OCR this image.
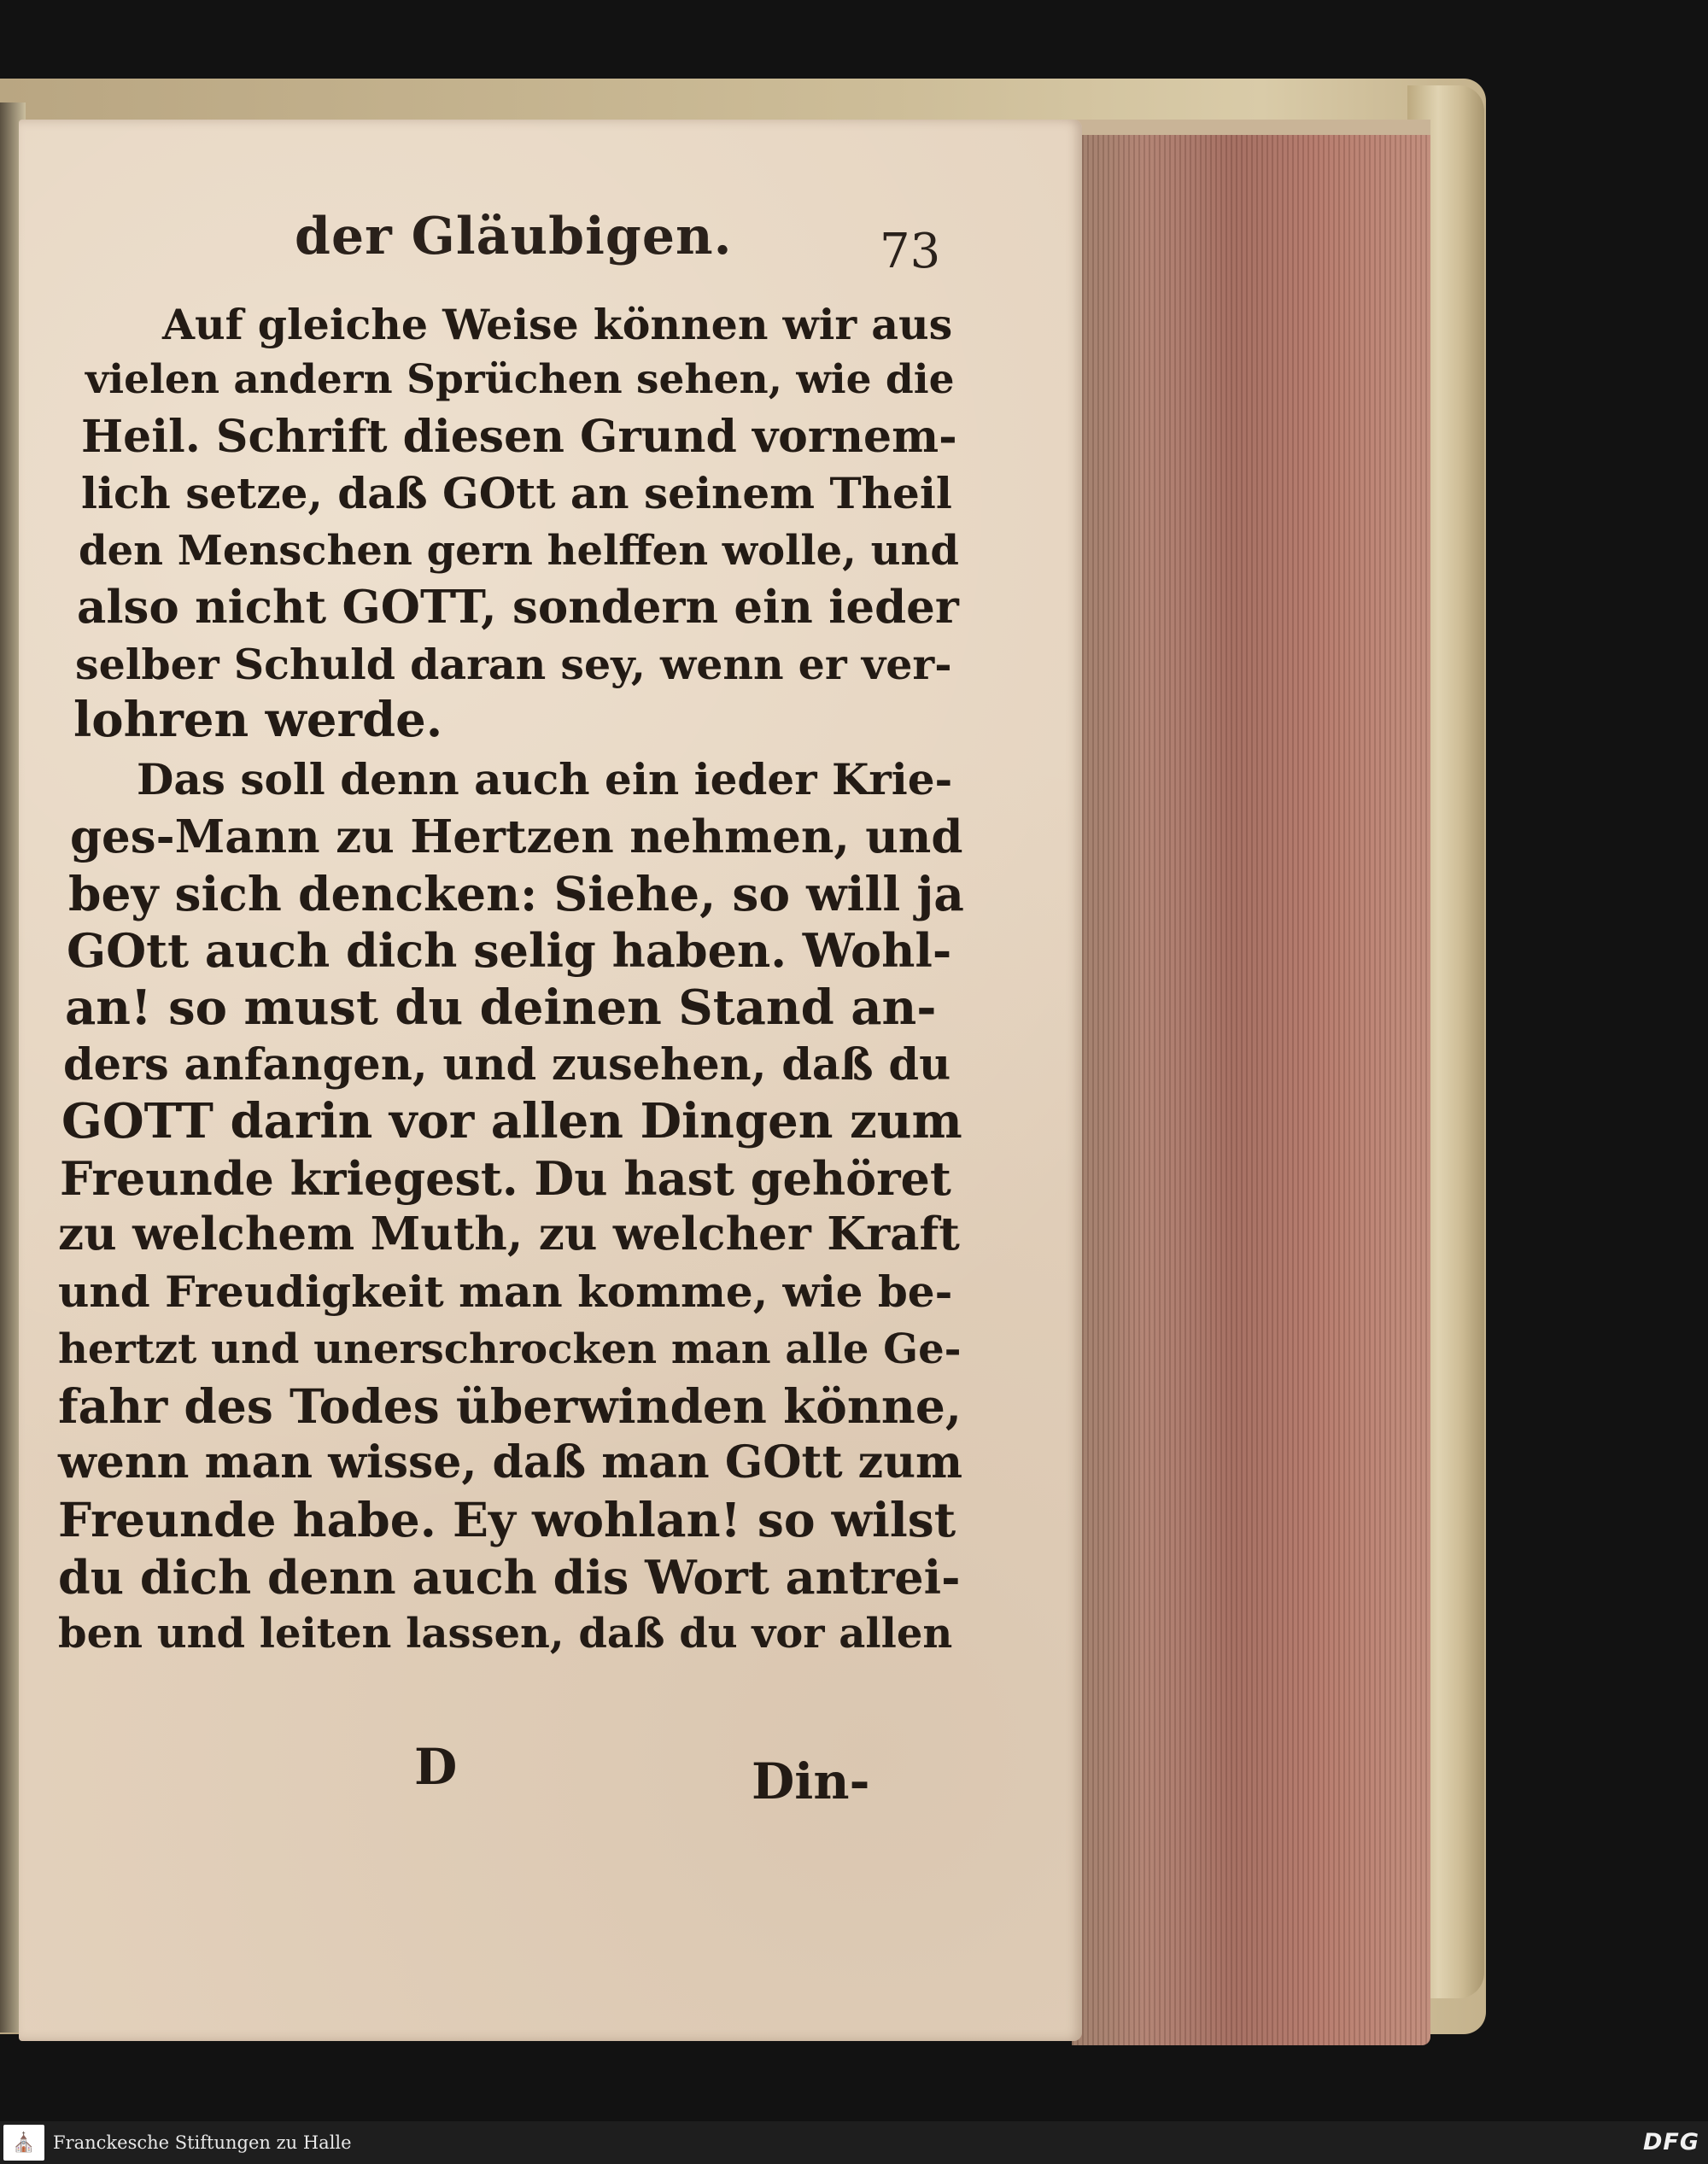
der Gläubigen.	73
Auf gleiche Weise können wir aus
vielen andern Sprüchen sehen, wie die
Heil. Schrift diesen Grund vornem-
lich setze, daß GOtt an seinem Theil
den Menschen gern helffen wolle, und
also nicht GOTT, sondern ein ieder
selber Schuld daran sey, wenn er ver-
lohren werde.
Das soll denn auch ein ieder Krie-
ges-Mann zu Hertzen nehmen, und
bey sich dencken: Siehe, so will ja
GOtt auch dich selig haben. Wohl-
an! so must du deinen Stand an-
ders anfangen, und zusehen, daß du
GOTT darin vor allen Dingen zum
Freunde kriegest. Du hast gehöret
zu welchem Muth, zu welcher Kraft
und Freudigkeit man komme, wie be-
hertzt und unerschrocken man alle Ge-
fahr des Todes überwinden könne,
wenn man wisse, daß man GOtt zum
Freunde habe. Ey wohlan! so wilst
du dich denn auch dis Wort antrei-
ben und leiten lassen, daß du vor allen
D	Din-
⛪ Franckesche Stiftungen zu Halle	DFG
